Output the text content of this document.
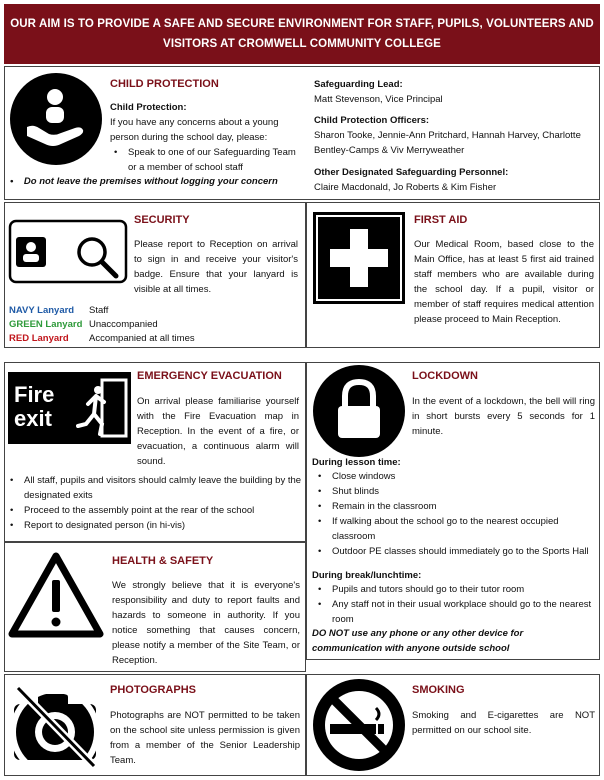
OUR AIM IS TO PROVIDE A SAFE AND SECURE ENVIRONMENT FOR STAFF, PUPILS, VOLUNTEERS AND
VISITORS AT CROMWELL COMMUNITY COLLEGE
CHILD PROTECTION
Child Protection:
If you have any concerns about a young person during the school day, please:
• Speak to one of our Safeguarding Team or a member of school staff
•    Do not leave the premises without logging your concern
Safeguarding Lead:
Matt Stevenson, Vice Principal
Child Protection Officers:
Sharon Tooke, Jennie-Ann Pritchard, Hannah Harvey, Charlotte Bentley-Camps & Viv Merryweather
Other Designated Safeguarding Personnel:
Claire Macdonald, Jo Roberts & Kim Fisher
SECURITY
Please report to Reception on arrival to sign in and receive your visitor's badge. Ensure that your lanyard is visible at all times.
NAVY Lanyard Staff
GREEN Lanyard Unaccompanied
RED Lanyard Accompanied at all times
FIRST AID
Our Medical Room, based close to the Main Office, has at least 5 first aid trained staff members who are available during the school day. If a pupil, visitor or member of staff requires medical attention please proceed to Main Reception.
Fire
exit
EMERGENCY EVACUATION
On arrival please familiarise yourself with the Fire Evacuation map in Reception. In the event of a fire, or evacuation, a continuous alarm will sound.
• All staff, pupils and visitors should calmly leave the building by the designated exits
• Proceed to the assembly point at the rear of the school
• Report to designated person (in hi-vis)
LOCKDOWN
In the event of a lockdown, the bell will ring in short bursts every 5 seconds for 1 minute.
During lesson time:
• Close windows
• Shut blinds
• Remain in the classroom
• If walking about the school go to the nearest occupied classroom
• Outdoor PE classes should immediately go to the Sports Hall
During break/lunchtime:
• Pupils and tutors should go to their tutor room
• Any staff not in their usual workplace should go to the nearest room
DO NOT use any phone or any other device for communication with anyone outside school
HEALTH & SAFETY
We strongly believe that it is everyone's responsibility and duty to report faults and hazards to someone in authority. If you notice something that causes concern, please notify a member of the Site Team, or Reception.
PHOTOGRAPHS
Photographs are NOT permitted to be taken on the school site unless permission is given from a member of the Senior Leadership Team.
SMOKING
Smoking and E-cigarettes are NOT permitted on our school site.
